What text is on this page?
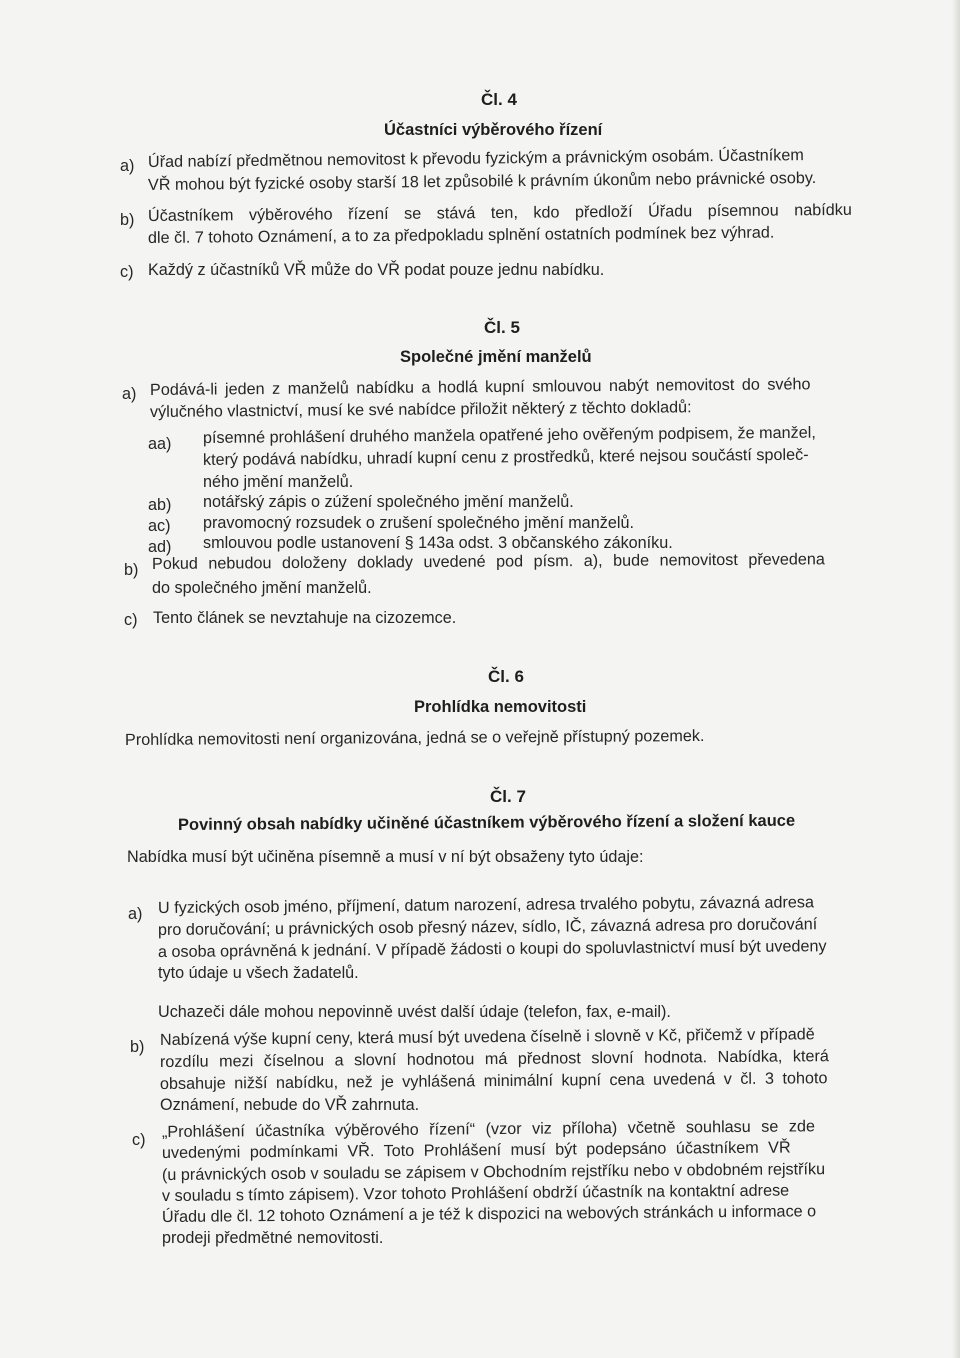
Čl. 4
Účastníci výběrového řízení
a) Úřad nabízí předmětnou nemovitost k převodu fyzickým a právnickým osobám. Účastníkem
VŘ mohou být fyzické osoby starší 18 let způsobilé k právním úkonům nebo právnické osoby.
b) Účastníkem výběrového řízení se stává ten, kdo předloží Úřadu písemnou nabídku
dle čl. 7 tohoto Oznámení, a to za předpokladu splnění ostatních podmínek bez výhrad.
c) Každý z účastníků VŘ může do VŘ podat pouze jednu nabídku.
Čl. 5
Společné jmění manželů
a) Podává-li jeden z manželů nabídku a hodlá kupní smlouvou nabýt nemovitost do svého
výlučného vlastnictví, musí ke své nabídce přiložit některý z těchto dokladů:
aa) písemné prohlášení druhého manžela opatřené jeho ověřeným podpisem, že manžel,
který podává nabídku, uhradí kupní cenu z prostředků, které nejsou součástí společ-
ného jmění manželů.
ab) notářský zápis o zúžení společného jmění manželů.
ac) pravomocný rozsudek o zrušení společného jmění manželů.
ad) smlouvou podle ustanovení § 143a odst. 3 občanského zákoníku.
b) Pokud nebudou doloženy doklady uvedené pod písm. a), bude nemovitost převedena
do společného jmění manželů.
c) Tento článek se nevztahuje na cizozemce.
Čl. 6
Prohlídka nemovitosti
Prohlídka nemovitosti není organizována, jedná se o veřejně přístupný pozemek.
Čl. 7
Povinný obsah nabídky učiněné účastníkem výběrového řízení a složení kauce
Nabídka musí být učiněna písemně a musí v ní být obsaženy tyto údaje:
a) U fyzických osob jméno, příjmení, datum narození, adresa trvalého pobytu, závazná adresa
pro doručování; u právnických osob přesný název, sídlo, IČ, závazná adresa pro doručování
a osoba oprávněná k jednání. V případě žádosti o koupi do spoluvlastnictví musí být uvedeny
tyto údaje u všech žadatelů.
Uchazeči dále mohou nepovinně uvést další údaje (telefon, fax, e-mail).
b) Nabízená výše kupní ceny, která musí být uvedena číselně i slovně v Kč, přičemž v případě
rozdílu mezi číselnou a slovní hodnotou má přednost slovní hodnota. Nabídka, která
obsahuje nižší nabídku, než je vyhlášená minimální kupní cena uvedená v čl. 3 tohoto
Oznámení, nebude do VŘ zahrnuta.
c) „Prohlášení účastníka výběrového řízení“ (vzor viz příloha) včetně souhlasu se zde
uvedenými podmínkami VŘ. Toto Prohlášení musí být podepsáno účastníkem VŘ
(u právnických osob v souladu se zápisem v Obchodním rejstříku nebo v obdobném rejstříku
v souladu s tímto zápisem). Vzor tohoto Prohlášení obdrží účastník na kontaktní adrese
Úřadu dle čl. 12 tohoto Oznámení a je též k dispozici na webových stránkách u informace o
prodeji předmětné nemovitosti.
